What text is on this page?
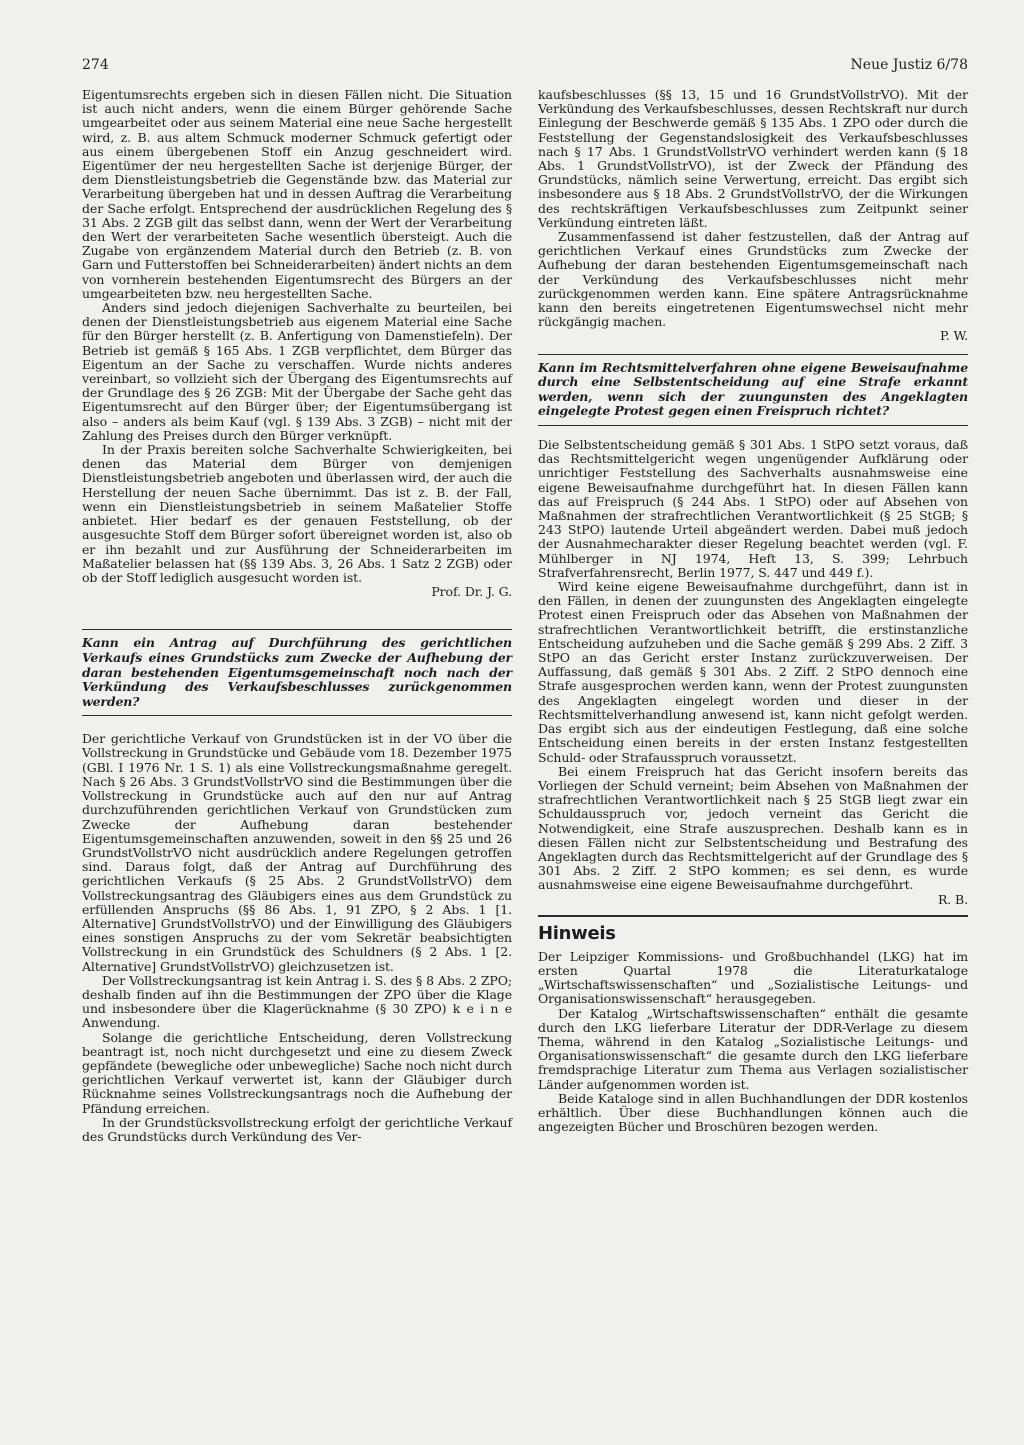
274	Neue Justiz 6/78

Eigentumsrechts ergeben sich in diesen Fällen nicht. Die Situation ist auch nicht anders, wenn die einem Bürger gehörende Sache umgearbeitet oder aus seinem Material eine neue Sache hergestellt wird, z. B. aus altem Schmuck moderner Schmuck gefertigt oder aus einem übergebenen Stoff ein Anzug geschneidert wird. Eigentümer der neu hergestellten Sache ist derjenige Bürger, der dem Dienstleistungsbetrieb die Gegenstände bzw. das Material zur Verarbeitung übergeben hat und in dessen Auftrag die Verarbeitung der Sache erfolgt. Entsprechend der ausdrücklichen Regelung des § 31 Abs. 2 ZGB gilt das selbst dann, wenn der Wert der Verarbeitung den Wert der verarbeiteten Sache wesentlich übersteigt. Auch die Zugabe von ergänzendem Material durch den Betrieb (z. B. von Garn und Futterstoffen bei Schneiderarbeiten) ändert nichts an dem von vornherein bestehenden Eigentumsrecht des Bürgers an der umgearbeiteten bzw. neu hergestellten Sache.

Anders sind jedoch diejenigen Sachverhalte zu beurteilen, bei denen der Dienstleistungsbetrieb aus eigenem Material eine Sache für den Bürger herstellt (z. B. Anfertigung von Damenstiefeln). Der Betrieb ist gemäß § 165 Abs. 1 ZGB verpflichtet, dem Bürger das Eigentum an der Sache zu verschaffen. Wurde nichts anderes vereinbart, so vollzieht sich der Übergang des Eigentumsrechts auf der Grundlage des § 26 ZGB: Mit der Übergabe der Sache geht das Eigentumsrecht auf den Bürger über; der Eigentumsübergang ist also – anders als beim Kauf (vgl. § 139 Abs. 3 ZGB) – nicht mit der Zahlung des Preises durch den Bürger verknüpft.

In der Praxis bereiten solche Sachverhalte Schwierigkeiten, bei denen das Material dem Bürger von demjenigen Dienstleistungsbetrieb angeboten und überlassen wird, der auch die Herstellung der neuen Sache übernimmt. Das ist z. B. der Fall, wenn ein Dienstleistungsbetrieb in seinem Maßatelier Stoffe anbietet. Hier bedarf es der genauen Feststellung, ob der ausgesuchte Stoff dem Bürger sofort übereignet worden ist, also ob er ihn bezahlt und zur Ausführung der Schneiderarbeiten im Maßatelier belassen hat (§§ 139 Abs. 3, 26 Abs. 1 Satz 2 ZGB) oder ob der Stoff lediglich ausgesucht worden ist.
Prof. Dr. J. G.

Kann ein Antrag auf Durchführung des gerichtlichen Verkaufs eines Grundstücks zum Zwecke der Aufhebung der daran bestehenden Eigentumsgemeinschaft noch nach der Verkündung des Verkaufsbeschlusses zurückgenommen werden?

Der gerichtliche Verkauf von Grundstücken ist in der VO über die Vollstreckung in Grundstücke und Gebäude vom 18. Dezember 1975 (GBl. I 1976 Nr. 1 S. 1) als eine Vollstreckungsmaßnahme geregelt. Nach § 26 Abs. 3 GrundstVollstrVO sind die Bestimmungen über die Vollstreckung in Grundstücke auch auf den nur auf Antrag durchzuführenden gerichtlichen Verkauf von Grundstücken zum Zwecke der Aufhebung daran bestehender Eigentumsgemeinschaften anzuwenden, soweit in den §§ 25 und 26 GrundstVollstrVO nicht ausdrücklich andere Regelungen getroffen sind. Daraus folgt, daß der Antrag auf Durchführung des gerichtlichen Verkaufs (§ 25 Abs. 2 GrundstVollstrVO) dem Vollstreckungsantrag des Gläubigers eines aus dem Grundstück zu erfüllenden Anspruchs (§§ 86 Abs. 1, 91 ZPO, § 2 Abs. 1 [1. Alternative] GrundstVollstrVO) und der Einwilligung des Gläubigers eines sonstigen Anspruchs zu der vom Sekretär beabsichtigten Vollstreckung in ein Grundstück des Schuldners (§ 2 Abs. 1 [2. Alternative] GrundstVollstrVO) gleichzusetzen ist.

Der Vollstreckungsantrag ist kein Antrag i. S. des § 8 Abs. 2 ZPO; deshalb finden auf ihn die Bestimmungen der ZPO über die Klage und insbesondere über die Klagerücknahme (§ 30 ZPO) k e i n e Anwendung.

Solange die gerichtliche Entscheidung, deren Vollstreckung beantragt ist, noch nicht durchgesetzt und eine zu diesem Zweck gepfändete (bewegliche oder unbewegliche) Sache noch nicht durch gerichtlichen Verkauf verwertet ist, kann der Gläubiger durch Rücknahme seines Vollstreckungsantrags noch die Aufhebung der Pfändung erreichen.

In der Grundstücksvollstreckung erfolgt der gerichtliche Verkauf des Grundstücks durch Verkündung des Ver-

kaufsbeschlusses (§§ 13, 15 und 16 GrundstVollstrVO). Mit der Verkündung des Verkaufsbeschlusses, dessen Rechtskraft nur durch Einlegung der Beschwerde gemäß § 135 Abs. 1 ZPO oder durch die Feststellung der Gegenstandslosigkeit des Verkaufsbeschlusses nach § 17 Abs. 1 GrundstVollstrVO verhindert werden kann (§ 18 Abs. 1 GrundstVollstrVO), ist der Zweck der Pfändung des Grundstücks, nämlich seine Verwertung, erreicht. Das ergibt sich insbesondere aus § 18 Abs. 2 GrundstVollstrVO, der die Wirkungen des rechtskräftigen Verkaufsbeschlusses zum Zeitpunkt seiner Verkündung eintreten läßt.

Zusammenfassend ist daher festzustellen, daß der Antrag auf gerichtlichen Verkauf eines Grundstücks zum Zwecke der Aufhebung der daran bestehenden Eigentumsgemeinschaft nach der Verkündung des Verkaufsbeschlusses nicht mehr zurückgenommen werden kann. Eine spätere Antragsrücknahme kann den bereits eingetretenen Eigentumswechsel nicht mehr rückgängig machen.
P. W.

Kann im Rechtsmittelverfahren ohne eigene Beweisaufnahme durch eine Selbstentscheidung auf eine Strafe erkannt werden, wenn sich der zuungunsten des Angeklagten eingelegte Protest gegen einen Freispruch richtet?

Die Selbstentscheidung gemäß § 301 Abs. 1 StPO setzt voraus, daß das Rechtsmittelgericht wegen ungenügender Aufklärung oder unrichtiger Feststellung des Sachverhalts ausnahmsweise eine eigene Beweisaufnahme durchgeführt hat. In diesen Fällen kann das auf Freispruch (§ 244 Abs. 1 StPO) oder auf Absehen von Maßnahmen der strafrechtlichen Verantwortlichkeit (§ 25 StGB; § 243 StPO) lautende Urteil abgeändert werden. Dabei muß jedoch der Ausnahmecharakter dieser Regelung beachtet werden (vgl. F. Mühlberger in NJ 1974, Heft 13, S. 399; Lehrbuch Strafverfahrensrecht, Berlin 1977, S. 447 und 449 f.).

Wird keine eigene Beweisaufnahme durchgeführt, dann ist in den Fällen, in denen der zuungunsten des Angeklagten eingelegte Protest einen Freispruch oder das Absehen von Maßnahmen der strafrechtlichen Verantwortlichkeit betrifft, die erstinstanzliche Entscheidung aufzuheben und die Sache gemäß § 299 Abs. 2 Ziff. 3 StPO an das Gericht erster Instanz zurückzuverweisen. Der Auffassung, daß gemäß § 301 Abs. 2 Ziff. 2 StPO dennoch eine Strafe ausgesprochen werden kann, wenn der Protest zuungunsten des Angeklagten eingelegt worden und dieser in der Rechtsmittelverhandlung anwesend ist, kann nicht gefolgt werden. Das ergibt sich aus der eindeutigen Festlegung, daß eine solche Entscheidung einen bereits in der ersten Instanz festgestellten Schuld- oder Strafausspruch voraussetzt.

Bei einem Freispruch hat das Gericht insofern bereits das Vorliegen der Schuld verneint; beim Absehen von Maßnahmen der strafrechtlichen Verantwortlichkeit nach § 25 StGB liegt zwar ein Schuldausspruch vor, jedoch verneint das Gericht die Notwendigkeit, eine Strafe auszusprechen. Deshalb kann es in diesen Fällen nicht zur Selbstentscheidung und Bestrafung des Angeklagten durch das Rechtsmittelgericht auf der Grundlage des § 301 Abs. 2 Ziff. 2 StPO kommen; es sei denn, es wurde ausnahmsweise eine eigene Beweisaufnahme durchgeführt.

R. B.

Hinweis

Der Leipziger Kommissions- und Großbuchhandel (LKG) hat im ersten Quartal 1978 die Literaturkataloge „Wirtschaftswissenschaften“ und „Sozialistische Leitungs- und Organisationswissenschaft“ herausgegeben.

Der Katalog „Wirtschaftswissenschaften“ enthält die gesamte durch den LKG lieferbare Literatur der DDR-Verlage zu diesem Thema, während in den Katalog „Sozialistische Leitungs- und Organisationswissenschaft“ die gesamte durch den LKG lieferbare fremdsprachige Literatur zum Thema aus Verlagen sozialistischer Länder aufgenommen worden ist.

Beide Kataloge sind in allen Buchhandlungen der DDR kostenlos erhältlich. Über diese Buchhandlungen können auch die angezeigten Bücher und Broschüren bezogen werden.
